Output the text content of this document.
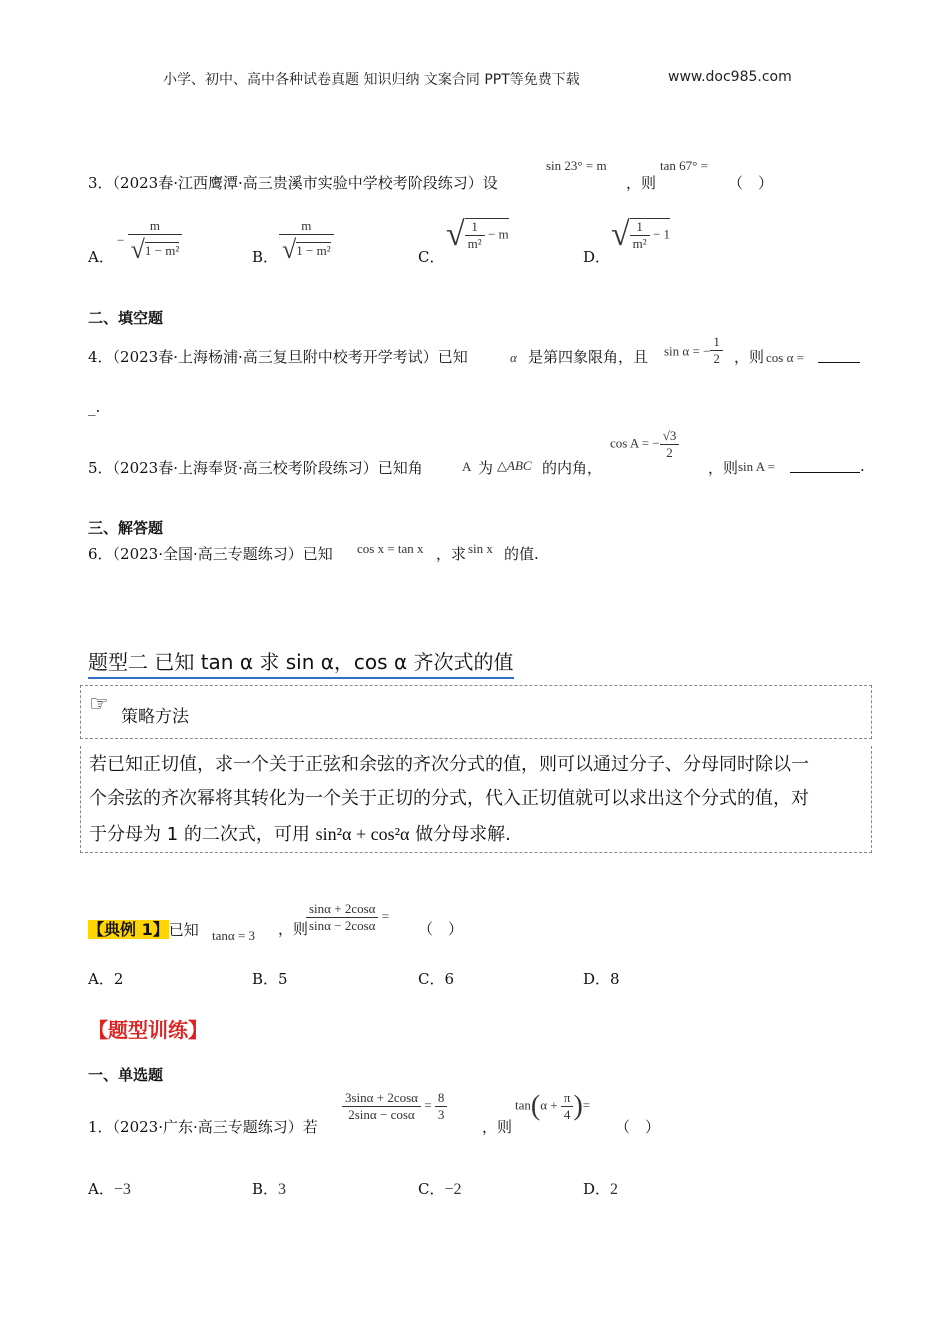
小学、初中、高中各种试卷真题 知识归纳 文案合同 PPT等免费下载	www.doc985.com
3．（2023春·江西鹰潭·高三贵溪市实验中学校考阶段练习）设
sin 23° = m
，则
tan 67° =
（　）
A．
− $\frac{m}{\text{√1 − m²}}$	B． $\frac{m}{\text{√1 − m²}}$	C．
√ $\frac{1}{\text{m²}} - m$
D．
√ $\frac{1}{\text{m²}} - 1$
二、填空题
4．（2023春·上海杨浦·高三复旦附中校考开学考试）已知	α 是第四象限角，且 sin α = − $\frac{1}{2}$ ，则 cos α =
_.
5．（2023春·上海奉贤·高三校考阶段练习）已知角	A 为 △ABC 的内角，
cos A = − $\frac{√3}{2}$
，则 sin A =	.
三、解答题
6．（2023·全国·高三专题练习）已知 cos x = tan x ，求 sin x 的值.
题型二 已知 tan α 求 sin α，cos α 齐次式的值
☞ 策略方法
若已知正切值，求一个关于正弦和余弦的齐次分式的值，则可以通过分子、分母同时除以一
个余弦的齐次幂将其转化为一个关于正切的分式，代入正切值就可以求出这个分式的值，对
于分母为 1 的二次式，可用 sin²α + cos²α 做分母求解.
【典例 1】已知 tanα = 3 ，则
$\frac{\sin\alpha + 2\cos\alpha}{\sin\alpha - 2\cos\alpha}$ =
（　）
A．2	B．5	C．6	D．8
【题型训练】
一、单选题
1．（2023·广东·高三专题练习）若
$\frac{3\sin\alpha + 2\cos\alpha}{2\sin\alpha - \cos\alpha} = \frac{8}{3}$
，则
$\tan(\alpha + \frac{\pi}{4}$ )=
（　）
A．−3	B．3	C．−2	D．2
